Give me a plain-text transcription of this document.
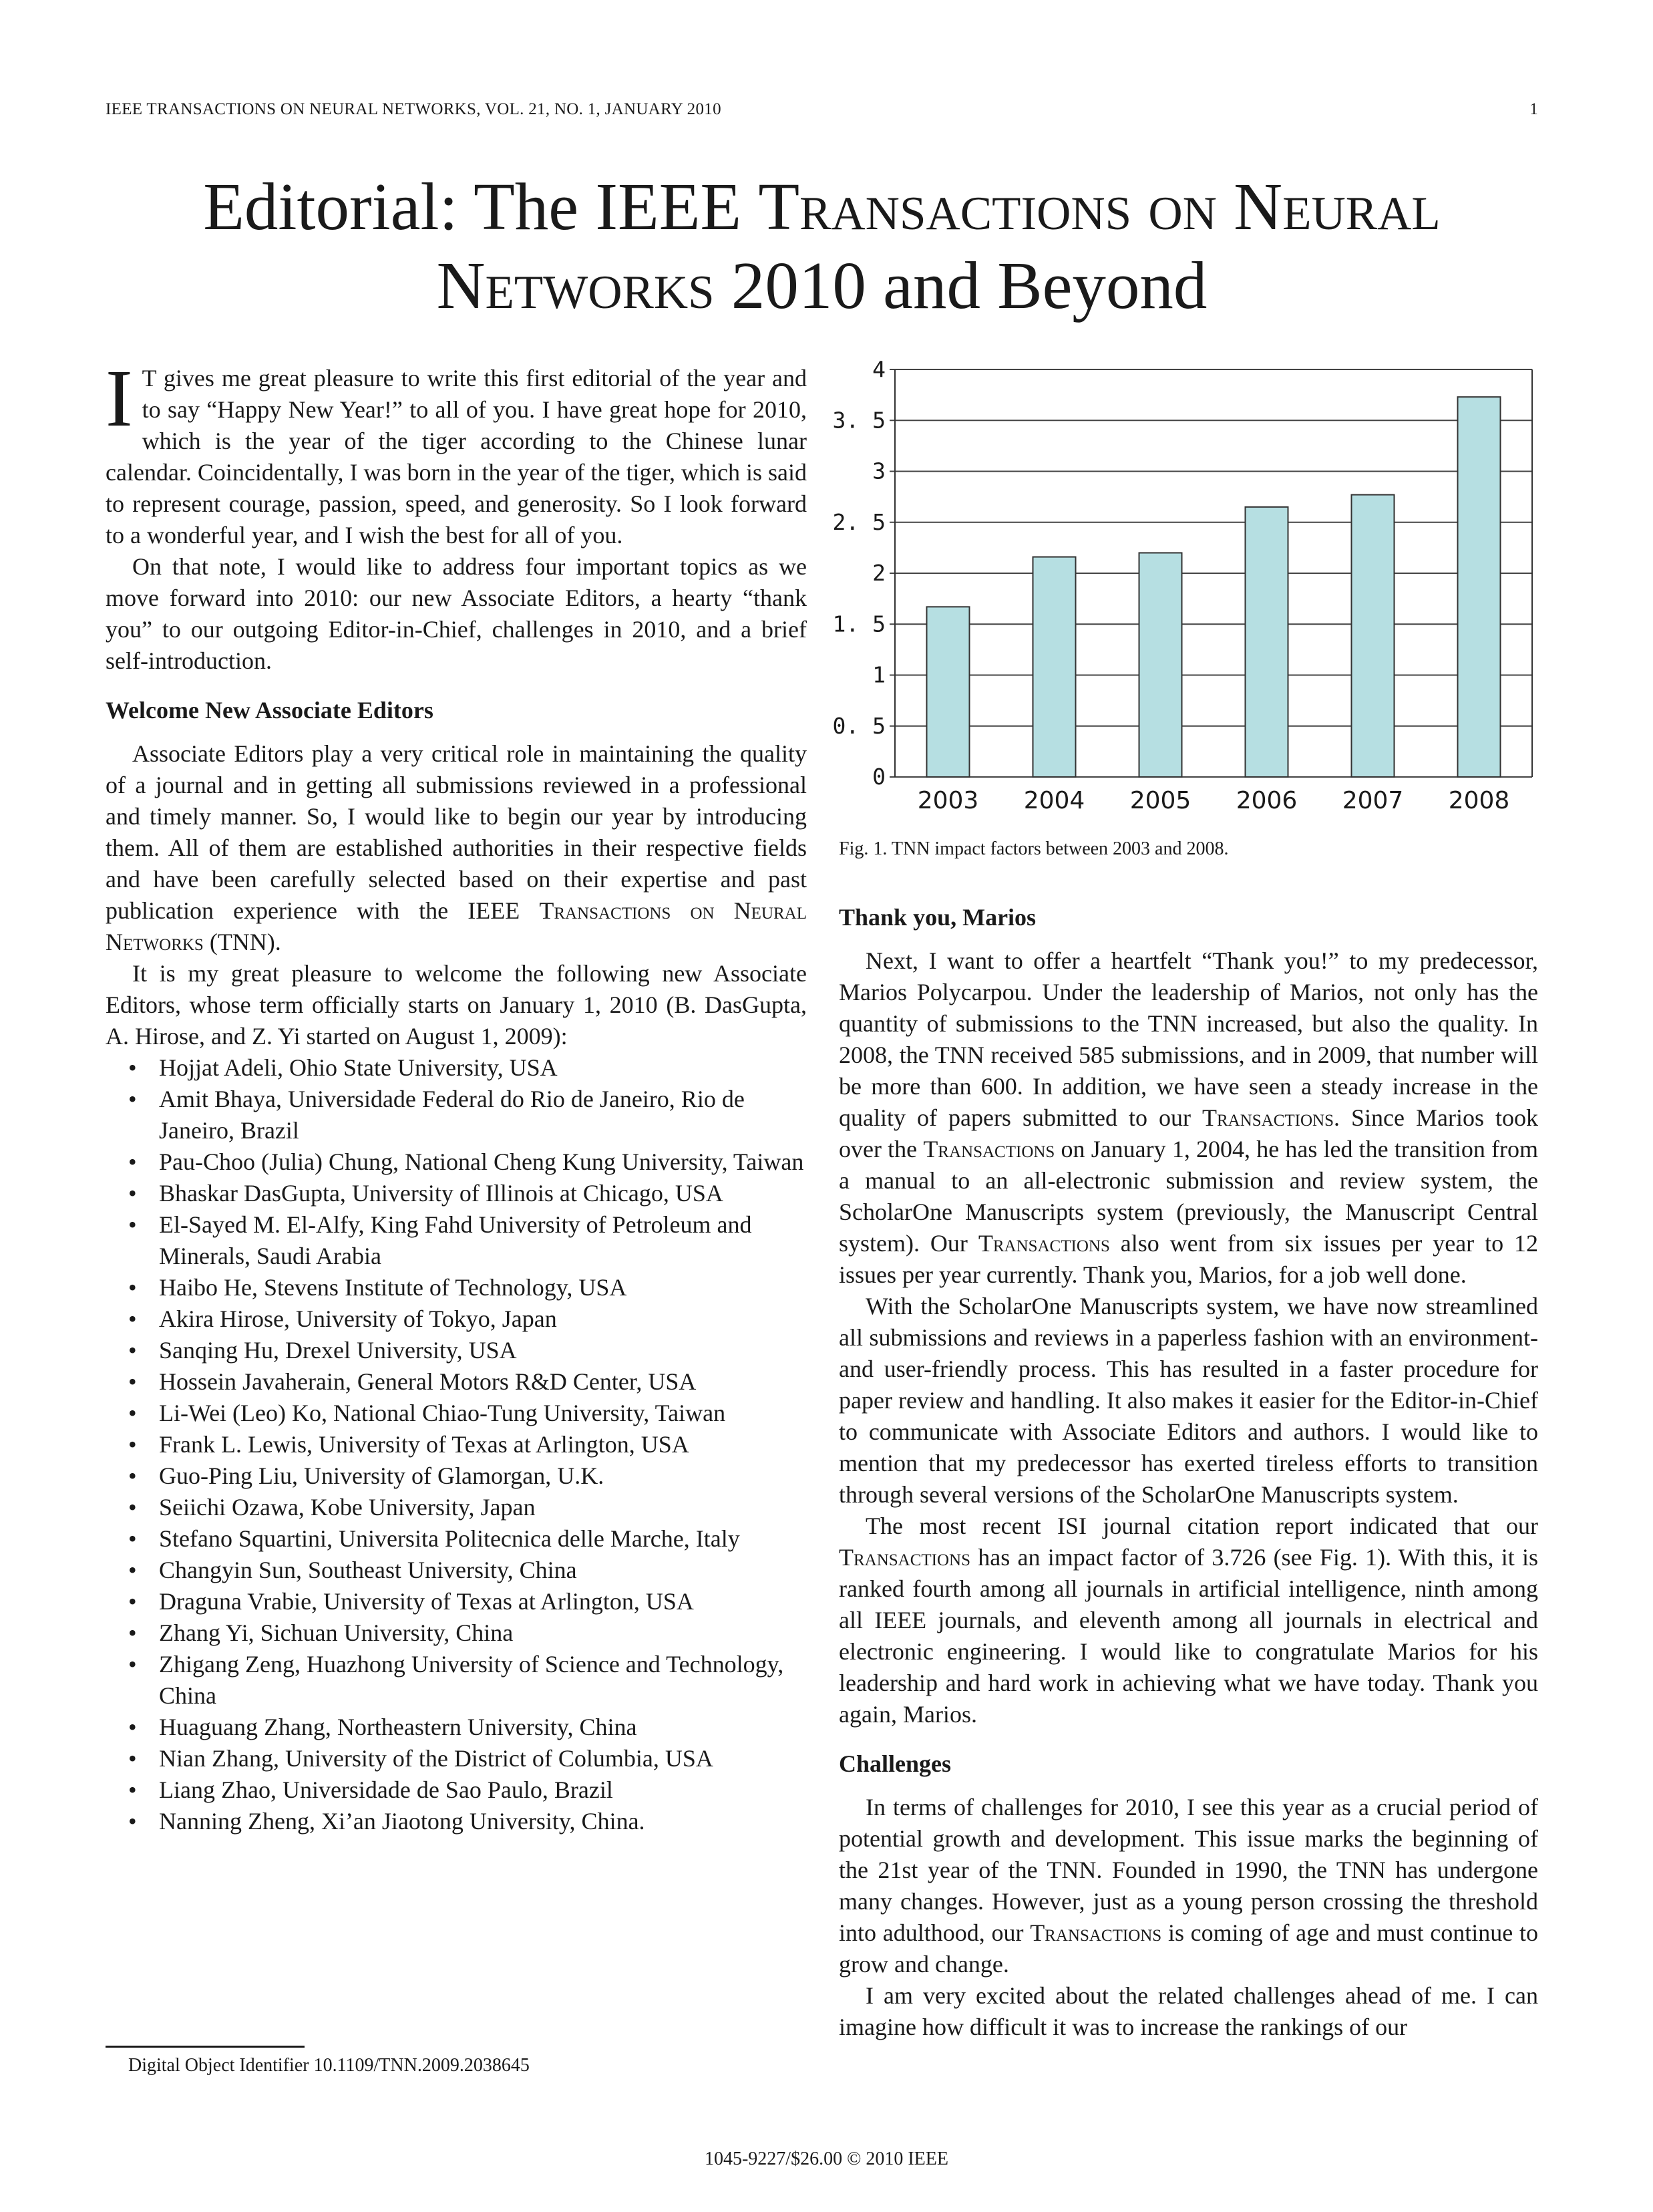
IEEE TRANSACTIONS ON NEURAL NETWORKS, VOL. 21, NO. 1, JANUARY 2010	1
Editorial: The IEEE Transactions on Neural Networks 2010 and Beyond

I T gives me great pleasure to write this first editorial of the year and to say “Happy New Year!” to all of you. I have great hope for 2010, which is the year of the tiger according to the Chinese lunar calendar. Coincidentally, I was born in the year of the tiger, which is said to represent courage, passion, speed, and generosity. So I look forward to a wonderful year, and I wish the best for all of you.

On that note, I would like to address four important topics as we move forward into 2010: our new Associate Editors, a hearty “thank you” to our outgoing Editor-in-Chief, challenges in 2010, and a brief self-introduction.

Welcome New Associate Editors

Associate Editors play a very critical role in maintaining the quality of a journal and in getting all submissions reviewed in a professional and timely manner. So, I would like to begin our year by introducing them. All of them are established authorities in their respective fields and have been carefully selected based on their expertise and past publication experience with the IEEE Transactions on Neural Networks (TNN).

It is my great pleasure to welcome the following new Associate Editors, whose term officially starts on January 1, 2010 (B. DasGupta, A. Hirose, and Z. Yi started on August 1, 2009):

• Hojjat Adeli, Ohio State University, USA
• Amit Bhaya, Universidade Federal do Rio de Janeiro, Rio de Janeiro, Brazil
• Pau-Choo (Julia) Chung, National Cheng Kung University, Taiwan
• Bhaskar DasGupta, University of Illinois at Chicago, USA
• El-Sayed M. El-Alfy, King Fahd University of Petroleum and Minerals, Saudi Arabia
• Haibo He, Stevens Institute of Technology, USA
• Akira Hirose, University of Tokyo, Japan
• Sanqing Hu, Drexel University, USA
• Hossein Javaherain, General Motors R&D Center, USA
• Li-Wei (Leo) Ko, National Chiao-Tung University, Taiwan
• Frank L. Lewis, University of Texas at Arlington, USA
• Guo-Ping Liu, University of Glamorgan, U.K.
• Seiichi Ozawa, Kobe University, Japan
• Stefano Squartini, Universita Politecnica delle Marche, Italy
• Changyin Sun, Southeast University, China
• Draguna Vrabie, University of Texas at Arlington, USA
• Zhang Yi, Sichuan University, China
• Zhigang Zeng, Huazhong University of Science and Technology, China
• Huaguang Zhang, Northeastern University, China
• Nian Zhang, University of the District of Columbia, USA
• Liang Zhao, Universidade de Sao Paulo, Brazil
• Nanning Zheng, Xi’an Jiaotong University, China.
0
0. 5
1
1. 5
2
2. 5
3
3. 5
4
2003 2004 2005 2006 2007 2008
Fig. 1. TNN impact factors between 2003 and 2008.
Thank you, Marios

Next, I want to offer a heartfelt “Thank you!” to my predecessor, Marios Polycarpou. Under the leadership of Marios, not only has the quantity of submissions to the TNN increased, but also the quality. In 2008, the TNN received 585 submissions, and in 2009, that number will be more than 600. In addition, we have seen a steady increase in the quality of papers submitted to our Transactions. Since Marios took over the Transactions on January 1, 2004, he has led the transition from a manual to an all-electronic submission and review system, the ScholarOne Manuscripts system (previously, the Manuscript Central system). Our Transactions also went from six issues per year to 12 issues per year currently. Thank you, Marios, for a job well done.

With the ScholarOne Manuscripts system, we have now streamlined all submissions and reviews in a paperless fashion with an environment- and user-friendly process. This has resulted in a faster procedure for paper review and handling. It also makes it easier for the Editor-in-Chief to communicate with Associate Editors and authors. I would like to mention that my predecessor has exerted tireless efforts to transition through several versions of the ScholarOne Manuscripts system.

The most recent ISI journal citation report indicated that our Transactions has an impact factor of 3.726 (see Fig. 1). With this, it is ranked fourth among all journals in artificial intelligence, ninth among all IEEE journals, and eleventh among all journals in electrical and electronic engineering. I would like to congratulate Marios for his leadership and hard work in achieving what we have today. Thank you again, Marios.

Challenges

In terms of challenges for 2010, I see this year as a crucial period of potential growth and development. This issue marks the beginning of the 21st year of the TNN. Founded in 1990, the TNN has undergone many changes. However, just as a young person crossing the threshold into adulthood, our Transactions is coming of age and must continue to grow and change.

I am very excited about the related challenges ahead of me. I can imagine how difficult it was to increase the rankings of our

Digital Object Identifier 10.1109/TNN.2009.2038645
1045-9227/$26.00 © 2010 IEEE
